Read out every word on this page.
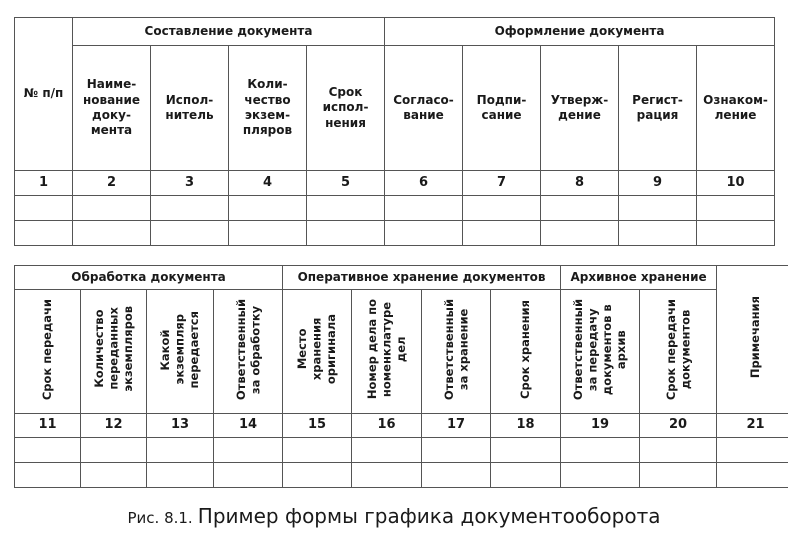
№ п/п	Составление документа				Оформление документа				
	Наиме-
нование
доку-
мента	Испол-
нитель	Коли-
чество
экзем-
пляров	Срок
испол-
нения	Согласо-
вание	Подпи-
сание	Утверж-
дение	Регист-
рация	Ознаком-
ление
1	2	3	4	5	6	7	8	9	10

Обработка документа				Оперативное хранение документов				Архивное хранение		Примечания
Срок передачи	Количество
переданных
экземпляров	Какой
экземпляр
передается	Ответственный
за обработку	Место
хранения
оригинала	Номер дела по
номенклатуре
дел	Ответственный
за хранение	Срок хранения	Ответственный
за передачу
документов в
архив	Срок передачи
документов	
11	12	13	14	15	16	17	18	19	20	21

Рис. 8.1. Пример формы графика документооборота
